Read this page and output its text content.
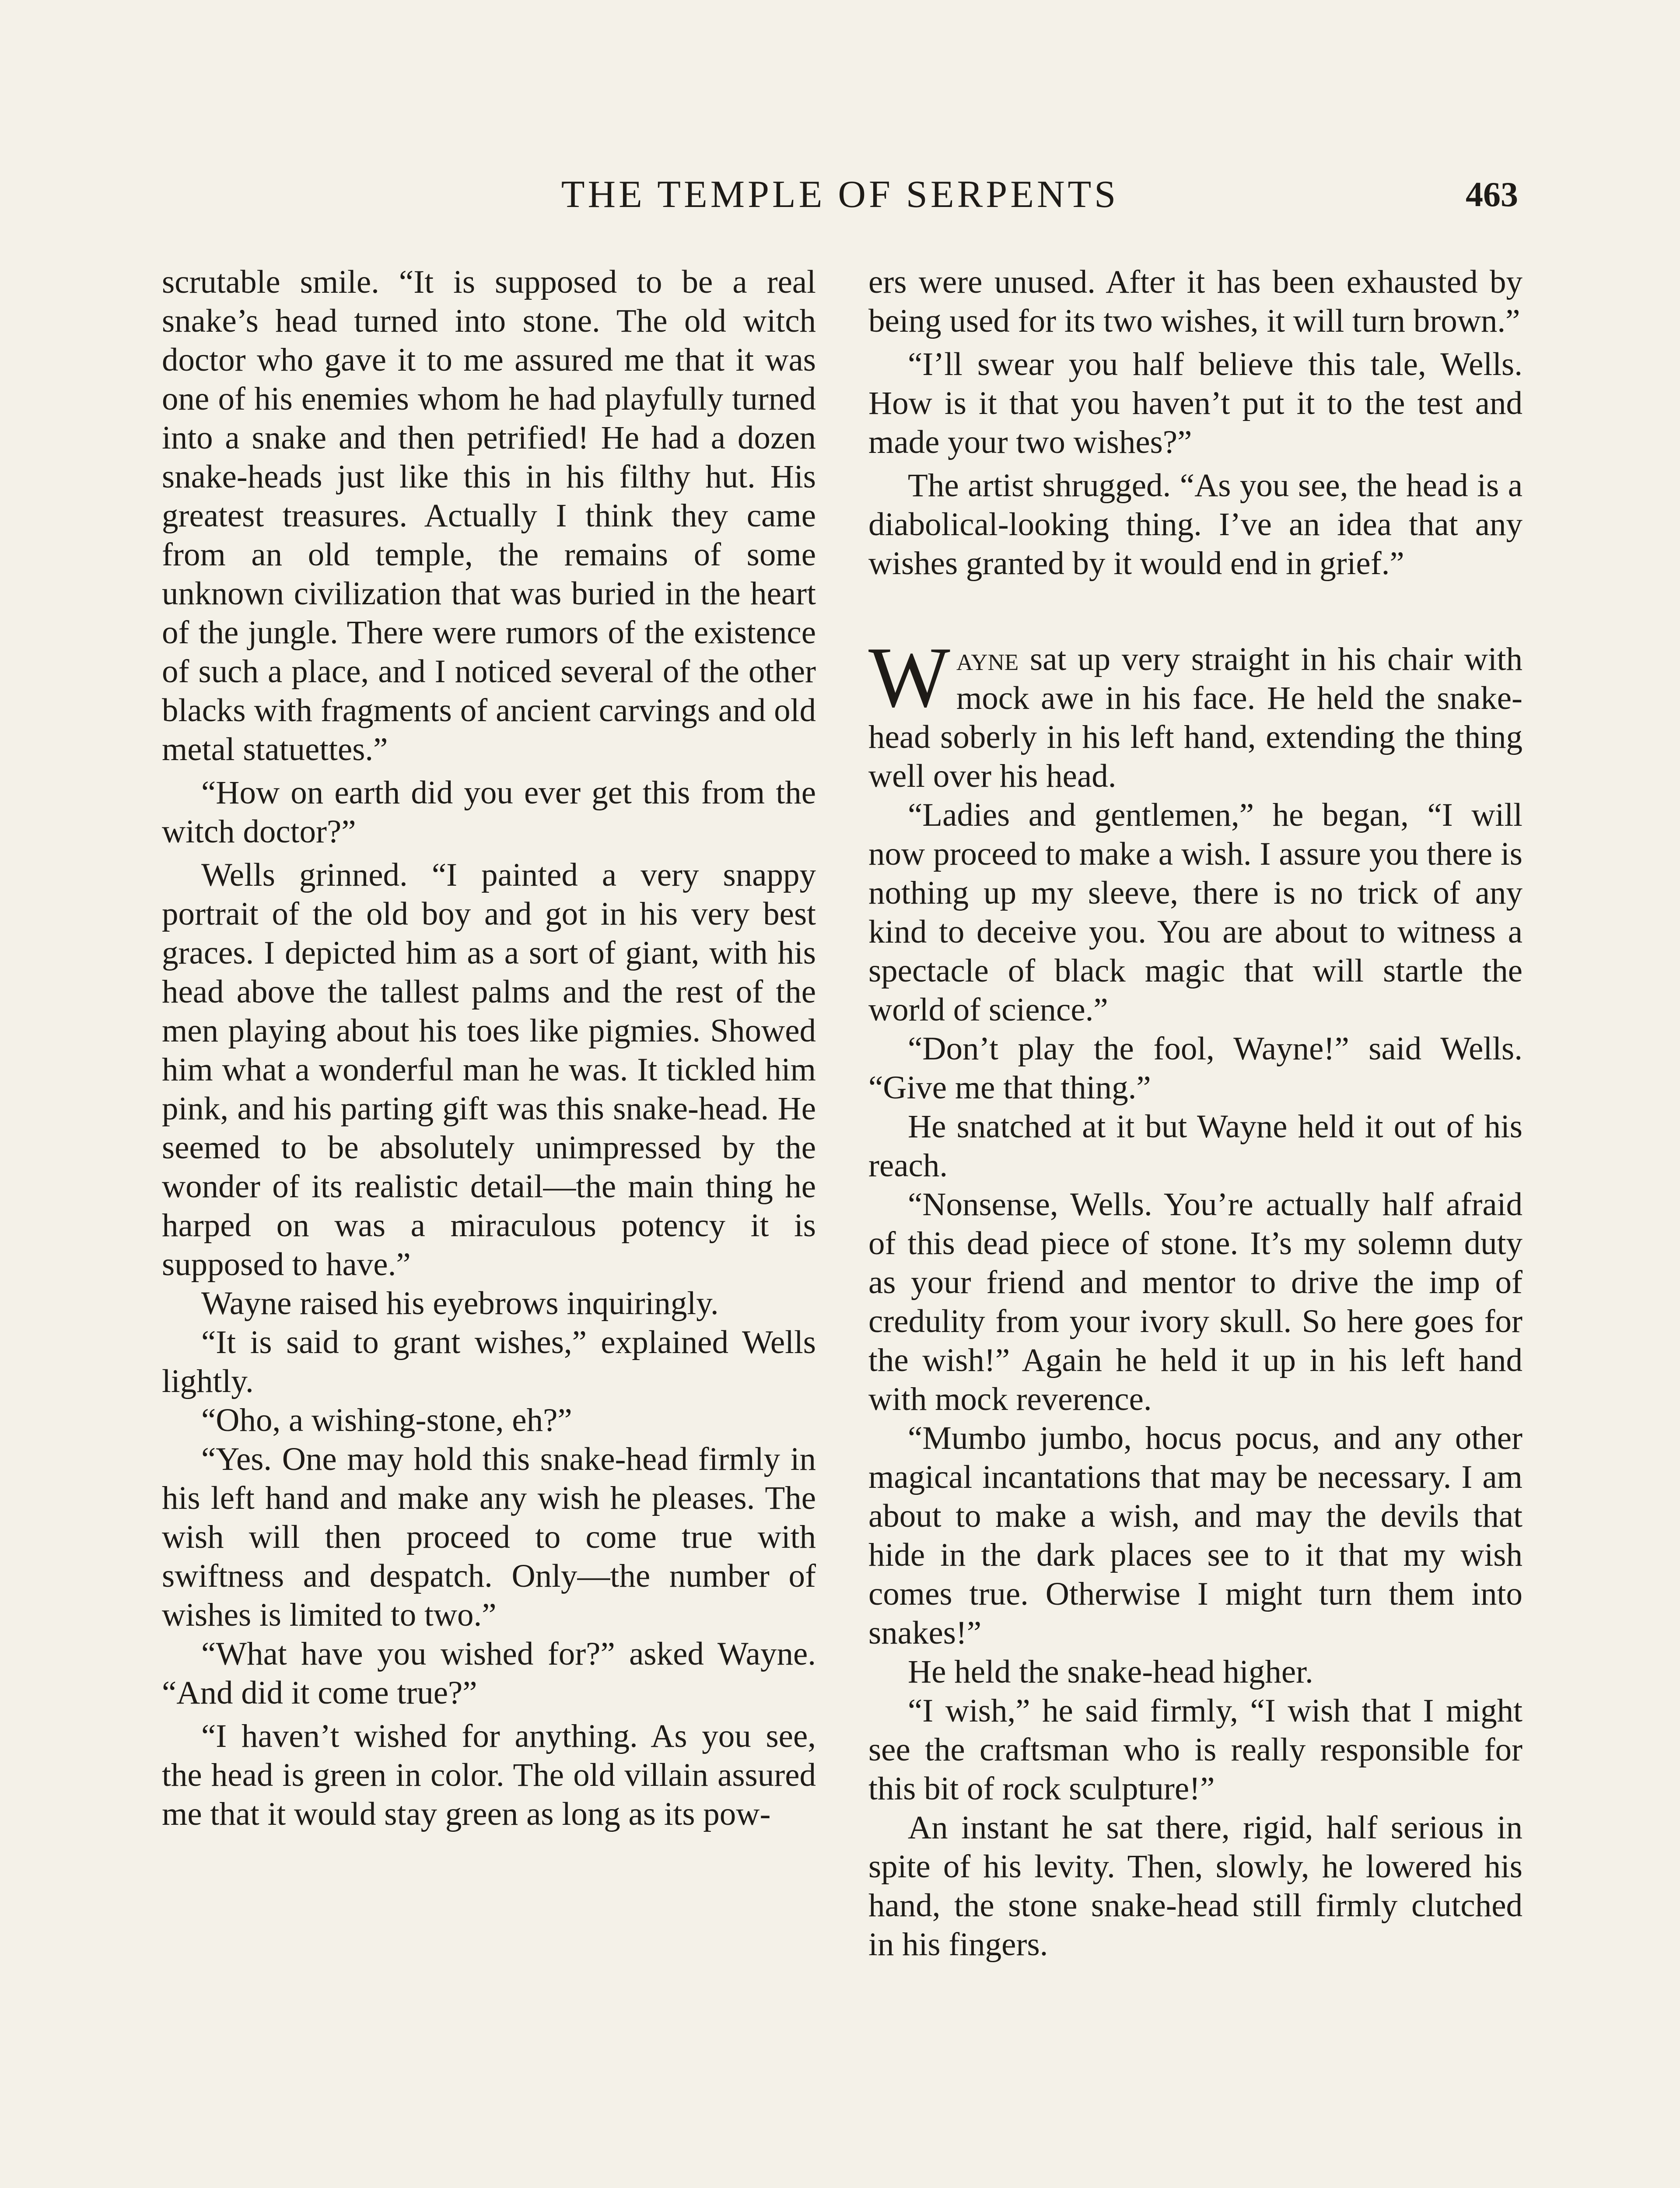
THE TEMPLE OF SERPENTS	463

scrutable smile. “It is supposed to be a real snake’s head turned into stone. The old witch doctor who gave it to me assured me that it was one of his enemies whom he had playfully turned into a snake and then petrified! He had a dozen snake-heads just like this in his filthy hut. His greatest treasures. Actually I think they came from an old temple, the remains of some unknown civilization that was buried in the heart of the jungle. There were rumors of the existence of such a place, and I noticed several of the other blacks with fragments of ancient carvings and old metal statuettes.”

“How on earth did you ever get this from the witch doctor?”

Wells grinned. “I painted a very snappy portrait of the old boy and got in his very best graces. I depicted him as a sort of giant, with his head above the tallest palms and the rest of the men playing about his toes like pigmies. Showed him what a wonderful man he was. It tickled him pink, and his parting gift was this snake-head. He seemed to be absolutely unimpressed by the wonder of its realistic detail—the main thing he harped on was a miraculous potency it is supposed to have.”

Wayne raised his eyebrows inquiringly.

“It is said to grant wishes,” explained Wells lightly.

“Oho, a wishing-stone, eh?”

“Yes. One may hold this snake-head firmly in his left hand and make any wish he pleases. The wish will then proceed to come true with swiftness and despatch. Only—the number of wishes is limited to two.”

“What have you wished for?” asked Wayne. “And did it come true?”

“I haven’t wished for anything. As you see, the head is green in color. The old villain assured me that it would stay green as long as its pow-

ers were unused. After it has been exhausted by being used for its two wishes, it will turn brown.”

“I’ll swear you half believe this tale, Wells. How is it that you haven’t put it to the test and made your two wishes?”

The artist shrugged. “As you see, the head is a diabolical-looking thing. I’ve an idea that any wishes granted by it would end in grief.”

Wayne sat up very straight in his chair with mock awe in his face. He held the snake-head soberly in his left hand, extending the thing well over his head.

“Ladies and gentlemen,” he began, “I will now proceed to make a wish. I assure you there is nothing up my sleeve, there is no trick of any kind to deceive you. You are about to witness a spectacle of black magic that will startle the world of science.”

“Don’t play the fool, Wayne!” said Wells. “Give me that thing.”

He snatched at it but Wayne held it out of his reach.

“Nonsense, Wells. You’re actually half afraid of this dead piece of stone. It’s my solemn duty as your friend and mentor to drive the imp of credulity from your ivory skull. So here goes for the wish!” Again he held it up in his left hand with mock reverence.

“Mumbo jumbo, hocus pocus, and any other magical incantations that may be necessary. I am about to make a wish, and may the devils that hide in the dark places see to it that my wish comes true. Otherwise I might turn them into snakes!”

He held the snake-head higher.

“I wish,” he said firmly, “I wish that I might see the craftsman who is really responsible for this bit of rock sculpture!”

An instant he sat there, rigid, half serious in spite of his levity. Then, slowly, he lowered his hand, the stone snake-head still firmly clutched in his fingers.
